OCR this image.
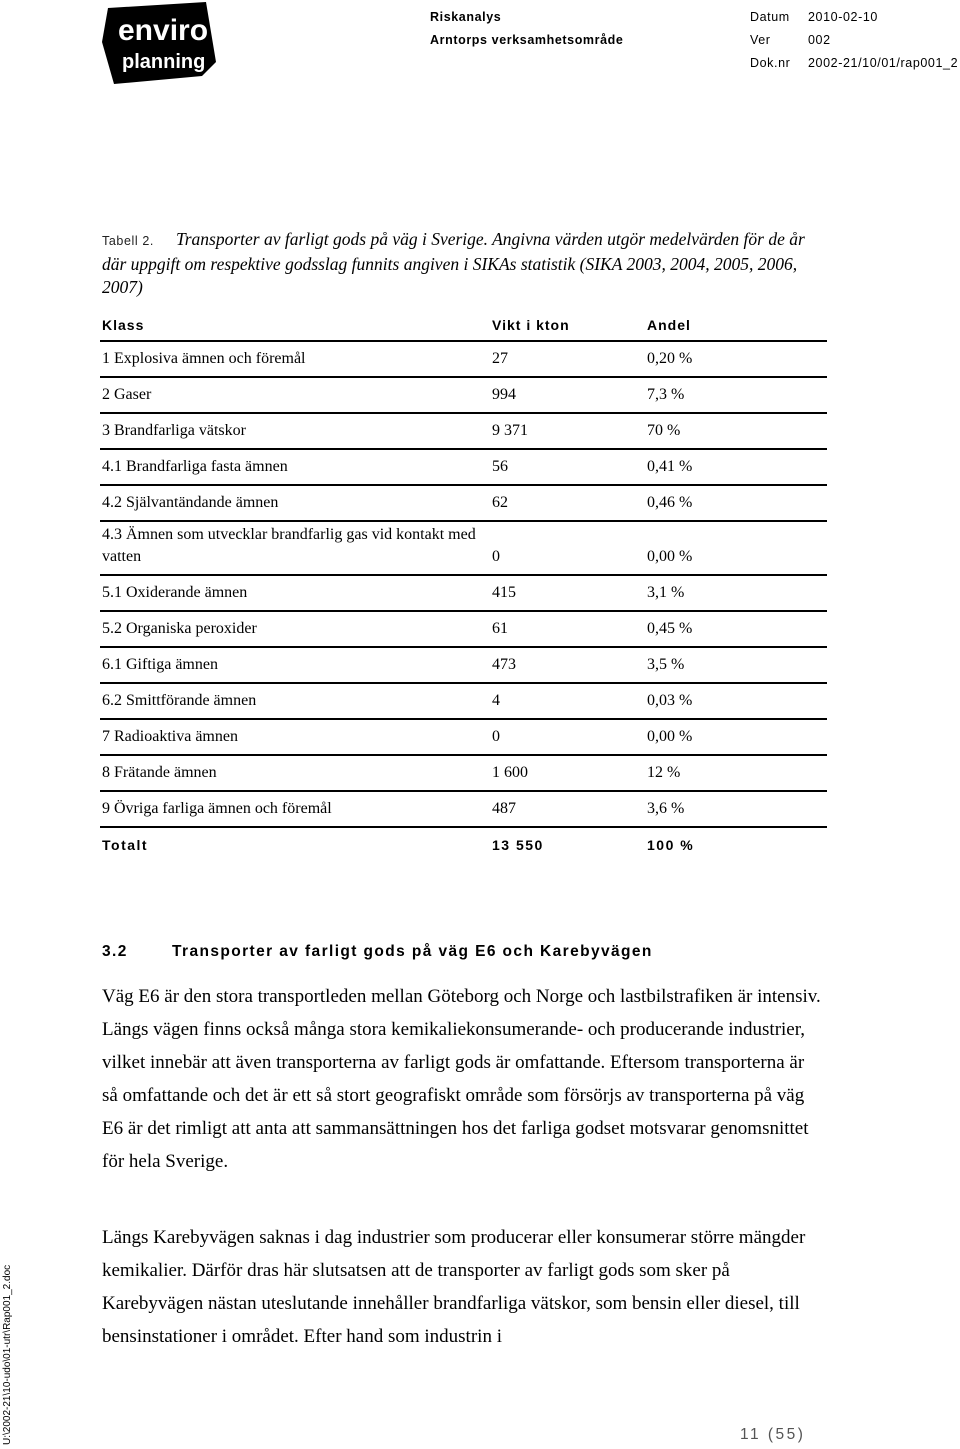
enviro
planning
Riskanalys
Arntorps verksamhetsområde
Datum 2010-02-10
Ver	002
Dok.nr 2002-21/10/01/rap001_2
Tabell 2. Transporter av farligt gods på väg i Sverige. Angivna värden utgör medelvärden för de år där uppgift om respektive godsslag funnits angiven i SIKAs statistik (SIKA 2003, 2004, 2005, 2006, 2007)
Klass	Vikt i kton	Andel
1 Explosiva ämnen och föremål	27	0,20 %
2 Gaser	994	7,3 %
3 Brandfarliga vätskor	9 371	70 %
4.1 Brandfarliga fasta ämnen	56	0,41 %
4.2 Självantändande ämnen	62	0,46 %
4.3 Ämnen som utvecklar brandfarlig gas vid kontakt med vatten	0	0,00 %
5.1 Oxiderande ämnen	415	3,1 %
5.2 Organiska peroxider	61	0,45 %
6.1 Giftiga ämnen	473	3,5 %
6.2 Smittförande ämnen	4	0,03 %
7 Radioaktiva ämnen	0	0,00 %
8 Frätande ämnen	1 600	12 %
9 Övriga farliga ämnen och föremål	487	3,6 %
Totalt	13 550	100 %
3.2	Transporter av farligt gods på väg E6 och Karebyvägen
Väg E6 är den stora transportleden mellan Göteborg och Norge och lastbilstrafiken är intensiv. Längs vägen finns också många stora kemikaliekonsumerande- och producerande industrier, vilket innebär att även transporterna av farligt gods är omfattande. Eftersom transporterna är så omfattande och det är ett så stort geografiskt område som försörjs av transporterna på väg E6 är det rimligt att anta att sammansättningen hos det farliga godset motsvarar genomsnittet för hela Sverige.
Längs Karebyvägen saknas i dag industrier som producerar eller konsumerar större mängder kemikalier. Därför dras här slutsatsen att de transporter av farligt gods som sker på Karebyvägen nästan uteslutande innehåller brandfarliga vätskor, som bensin eller diesel, till bensinstationer i området. Efter hand som industrin i
U:\2002-21\10-udo\01-utr\Rap001_2.doc	11 (55)
